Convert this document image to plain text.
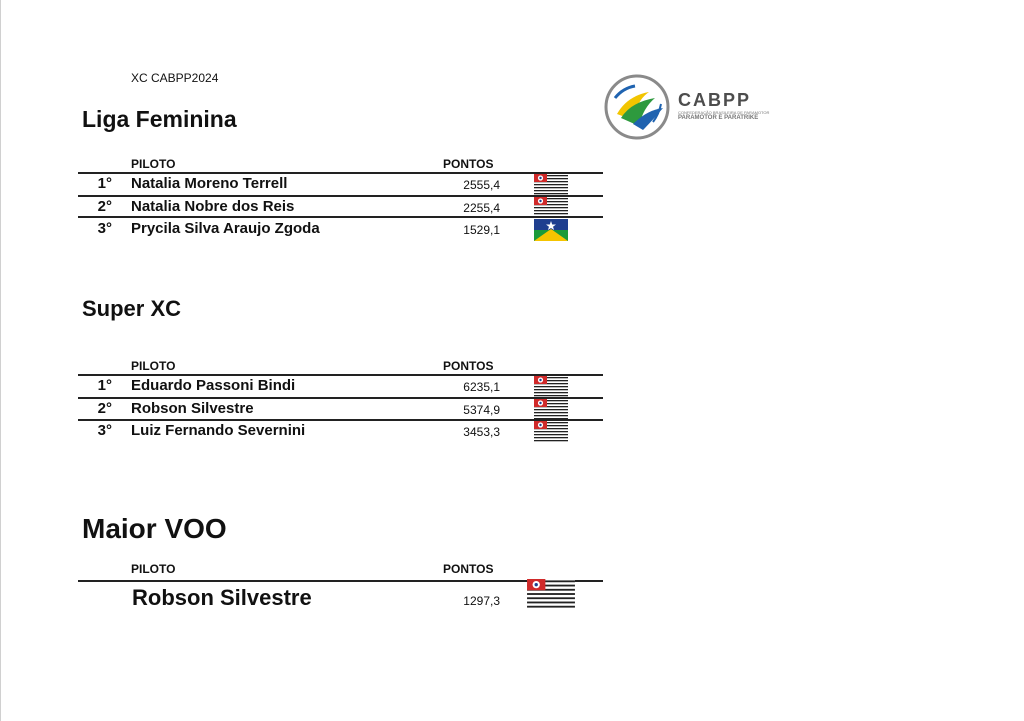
XC CABPP2024
CABPP
CONFEDERAÇÃO BRASILEIRA DE PARAMOTOR
PARAMOTOR E PARATRIKE
Liga Feminina
PILOTO	PONTOS
1° Natalia Moreno Terrell	2555,4
2° Natalia Nobre dos Reis	2255,4
3° Prycila Silva Araujo Zgoda	1529,1
Super XC
PILOTO	PONTOS
1° Eduardo Passoni Bindi	6235,1
2° Robson Silvestre	5374,9
3° Luiz Fernando Severnini	3453,3
Maior VOO
PILOTO	PONTOS
Robson Silvestre	1297,3
